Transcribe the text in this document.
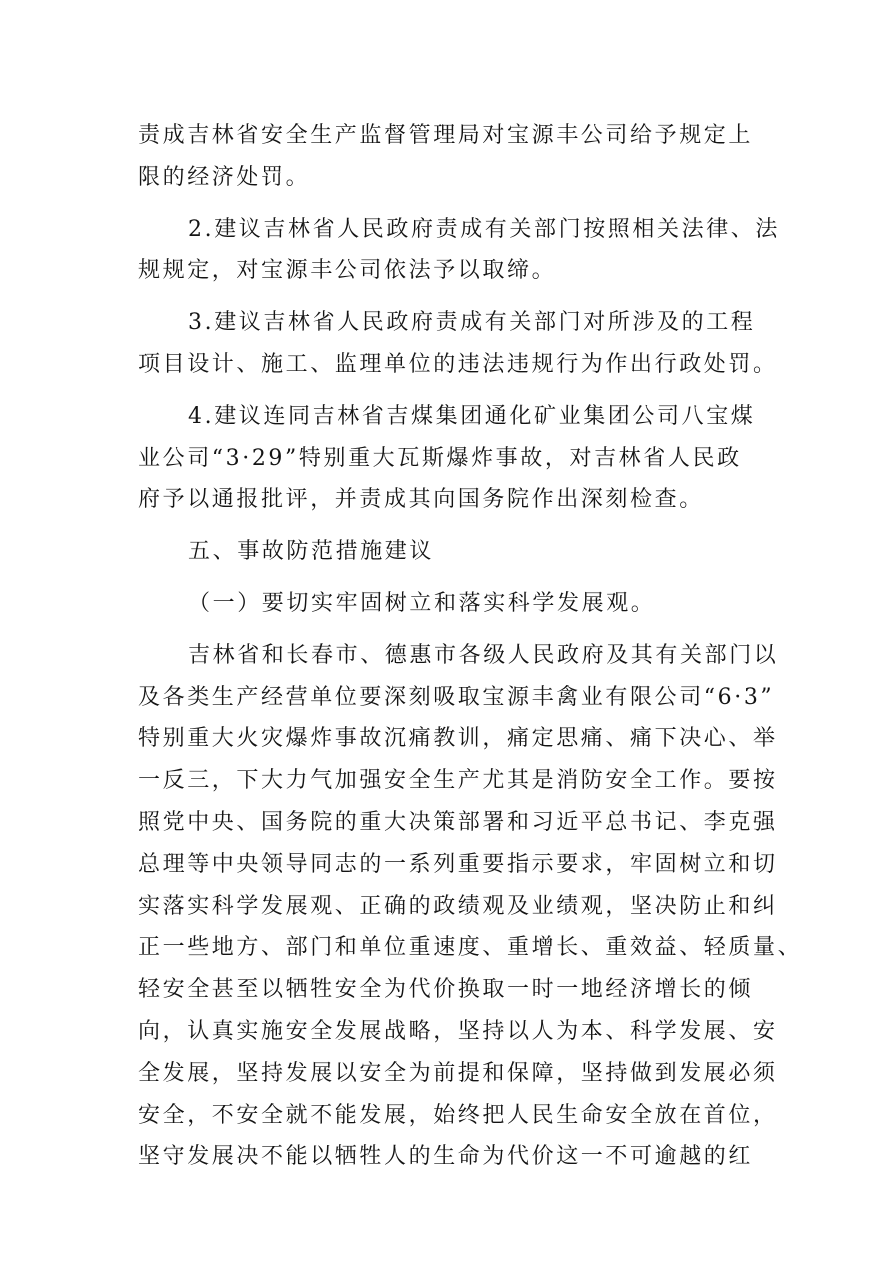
责成吉林省安全生产监督管理局对宝源丰公司给予规定上
限的经济处罚。
2.建议吉林省人民政府责成有关部门按照相关法律、法
规规定，对宝源丰公司依法予以取缔。
3.建议吉林省人民政府责成有关部门对所涉及的工程
项目设计、施工、监理单位的违法违规行为作出行政处罚。
4.建议连同吉林省吉煤集团通化矿业集团公司八宝煤
业公司“3·29”特别重大瓦斯爆炸事故，对吉林省人民政
府予以通报批评，并责成其向国务院作出深刻检查。
五、事故防范措施建议
（一）要切实牢固树立和落实科学发展观。
吉林省和长春市、德惠市各级人民政府及其有关部门以
及各类生产经营单位要深刻吸取宝源丰禽业有限公司“6·3”
特别重大火灾爆炸事故沉痛教训，痛定思痛、痛下决心、举
一反三，下大力气加强安全生产尤其是消防安全工作。要按
照党中央、国务院的重大决策部署和习近平总书记、李克强
总理等中央领导同志的一系列重要指示要求，牢固树立和切
实落实科学发展观、正确的政绩观及业绩观，坚决防止和纠
正一些地方、部门和单位重速度、重增长、重效益、轻质量、
轻安全甚至以牺牲安全为代价换取一时一地经济增长的倾
向，认真实施安全发展战略，坚持以人为本、科学发展、安
全发展，坚持发展以安全为前提和保障，坚持做到发展必须
安全，不安全就不能发展，始终把人民生命安全放在首位，
坚守发展决不能以牺牲人的生命为代价这一不可逾越的红
